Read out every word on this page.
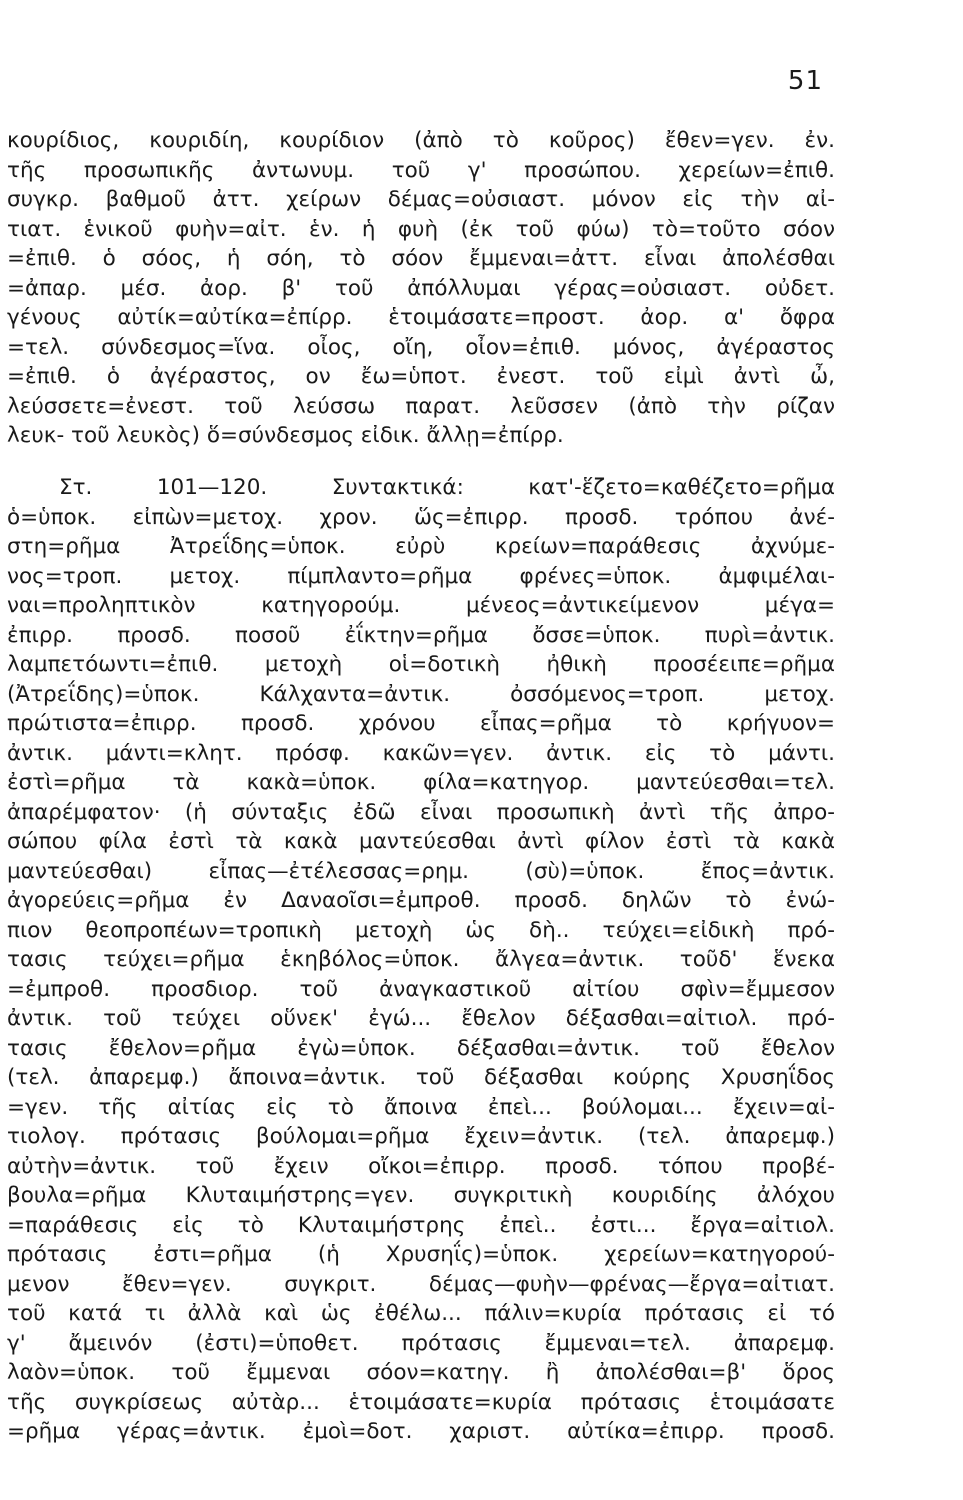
51
κουρίδιος, κουριδίη, κουρίδιον (ἀπὸ τὸ κοῦρος) ἔθεν=γεν. ἐν.
τῆς προσωπικῆς ἀντωνυμ. τοῦ γ' προσώπου. χερείων=ἐπιθ.
συγκρ. βαθμοῦ ἀττ. χείρων δέμας=οὐσιαστ. μόνον εἰς τὴν αἰ-
τιατ. ἑνικοῦ φυὴν=αἰτ. ἑν. ἡ φυὴ (ἐκ τοῦ φύω) τὸ=τοῦτο σόον
=ἐπιθ. ὁ σόος, ἡ σόη, τὸ σόον ἔμμεναι=ἀττ. εἶναι ἀπολέσθαι
=ἀπαρ. μέσ. ἀορ. β' τοῦ ἀπόλλυμαι γέρας=οὐσιαστ. οὐδετ.
γένους αὐτίκ=αὐτίκα=ἐπίρρ. ἑτοιμάσατε=προστ. ἀορ. α' ὄφρα
=τελ. σύνδεσμος=ἵνα. οἶος, οἴη, οἶον=ἐπιθ. μόνος, ἀγέραστος
=ἐπιθ. ὁ ἀγέραστος, ον ἔω=ὑποτ. ἐνεστ. τοῦ εἰμὶ ἀντὶ ὦ,
λεύσσετε=ἐνεστ. τοῦ λεύσσω παρατ. λεῦσσεν (ἀπὸ τὴν ρίζαν
λευκ- τοῦ λευκὸς) ὅ=σύνδεσμος εἰδικ. ἄλλῃ=ἐπίρρ.
Στ. 101—120. Συντακτικά: κατ'-ἕζετο=καθέζετο=ρῆμα
ὁ=ὑποκ. εἰπὼν=μετοχ. χρον. ὥς=ἐπιρρ. προσδ. τρόπου ἀνέ-
στη=ρῆμα Ἀτρεΐδης=ὑποκ. εὐρὺ κρείων=παράθεσις ἀχνύμε-
νος=τροπ. μετοχ. πίμπλαντο=ρῆμα φρένες=ὑποκ. ἀμφιμέλαι-
ναι=προληπτικὸν κατηγορούμ. μένεος=ἀντικείμενον μέγα=
ἐπιρρ. προσδ. ποσοῦ ἐΐκτην=ρῆμα ὄσσε=ὑποκ. πυρὶ=ἀντικ.
λαμπετόωντι=ἐπιθ. μετοχὴ οἱ=δοτικὴ ἠθικὴ προσέειπε=ρῆμα
(Ἀτρεΐδης)=ὑποκ. Κάλχαντα=ἀντικ. ὀσσόμενος=τροπ. μετοχ.
πρώτιστα=ἐπιρρ. προσδ. χρόνου εἶπας=ρῆμα τὸ κρήγυον=
ἀντικ. μάντι=κλητ. πρόσφ. κακῶν=γεν. ἀντικ. εἰς τὸ μάντι.
ἐστὶ=ρῆμα τὰ κακὰ=ὑποκ. φίλα=κατηγορ. μαντεύεσθαι=τελ.
ἀπαρέμφατον· (ἡ σύνταξις ἐδῶ εἶναι προσωπικὴ ἀντὶ τῆς ἀπρο-
σώπου φίλα ἐστὶ τὰ κακὰ μαντεύεσθαι ἀντὶ φίλον ἐστὶ τὰ κακὰ
μαντεύεσθαι) εἶπας—ἐτέλεσσας=ρημ. (σὺ)=ὑποκ. ἔπος=ἀντικ.
ἀγορεύεις=ρῆμα ἐν Δαναοῖσι=ἐμπροθ. προσδ. δηλῶν τὸ ἐνώ-
πιον θεοπροπέων=τροπικὴ μετοχὴ ὡς δὴ.. τεύχει=εἰδικὴ πρό-
τασις τεύχει=ρῆμα ἑκηβόλος=ὑποκ. ἄλγεα=ἀντικ. τοῦδ' ἕνεκα
=ἐμπροθ. προσδιορ. τοῦ ἀναγκαστικοῦ αἰτίου σφὶν=ἔμμεσον
ἀντικ. τοῦ τεύχει οὕνεκ' ἐγώ... ἔθελον δέξασθαι=αἰτιολ. πρό-
τασις ἔθελον=ρῆμα ἐγὼ=ὑποκ. δέξασθαι=ἀντικ. τοῦ ἔθελον
(τελ. ἀπαρεμφ.) ἄποινα=ἀντικ. τοῦ δέξασθαι κούρης Χρυσηΐδος
=γεν. τῆς αἰτίας εἰς τὸ ἄποινα ἐπεὶ... βούλομαι... ἔχειν=αἰ-
τιολογ. πρότασις βούλομαι=ρῆμα ἔχειν=ἀντικ. (τελ. ἀπαρεμφ.)
αὐτὴν=ἀντικ. τοῦ ἔχειν οἴκοι=ἐπιρρ. προσδ. τόπου προβέ-
βουλα=ρῆμα Κλυταιμήστρης=γεν. συγκριτικὴ κουριδίης ἀλόχου
=παράθεσις εἰς τὸ Κλυταιμήστρης ἐπεὶ.. ἐστι... ἔργα=αἰτιολ.
πρότασις ἐστι=ρῆμα (ἡ Χρυσηΐς)=ὑποκ. χερείων=κατηγορού-
μενον ἔθεν=γεν. συγκριτ. δέμας—φυὴν—φρένας—ἔργα=αἰτιατ.
τοῦ κατά τι ἀλλὰ καὶ ὡς ἐθέλω... πάλιν=κυρία πρότασις εἰ τό
γ' ἄμεινόν (ἐστι)=ὑποθετ. πρότασις ἔμμεναι=τελ. ἀπαρεμφ.
λαὸν=ὑποκ. τοῦ ἔμμεναι σόον=κατηγ. ἢ ἀπολέσθαι=β' ὅρος
τῆς συγκρίσεως αὐτὰρ... ἑτοιμάσατε=κυρία πρότασις ἑτοιμάσατε
=ρῆμα γέρας=ἀντικ. ἐμοὶ=δοτ. χαριστ. αὐτίκα=ἐπιρρ. προσδ.
